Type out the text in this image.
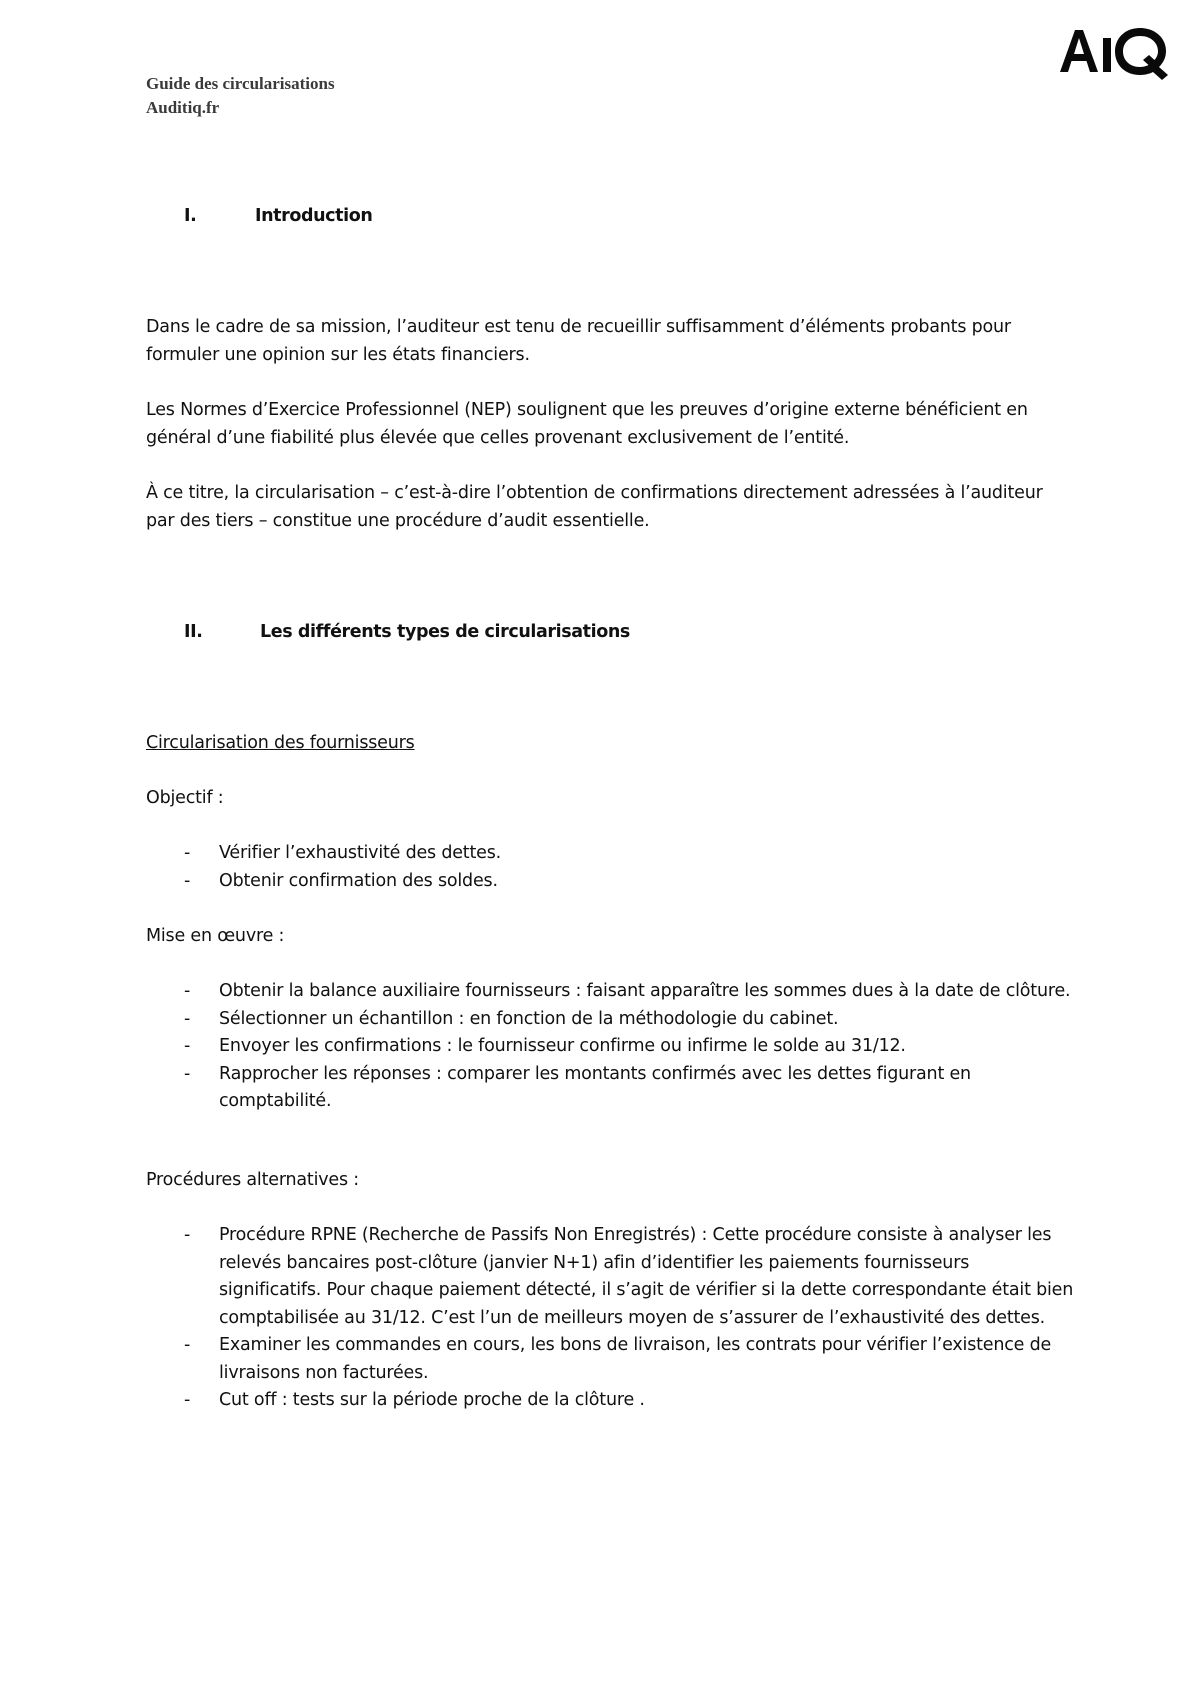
Guide des circularisations
Auditiq.fr
I.	Introduction
Dans le cadre de sa mission, l’auditeur est tenu de recueillir suffisamment d’éléments probants pour formuler une opinion sur les états financiers.
Les Normes d’Exercice Professionnel (NEP) soulignent que les preuves d’origine externe bénéficient en général d’une fiabilité plus élevée que celles provenant exclusivement de l’entité.
À ce titre, la circularisation – c’est-à-dire l’obtention de confirmations directement adressées à l’auditeur par des tiers – constitue une procédure d’audit essentielle.
II.	Les différents types de circularisations
Circularisation des fournisseurs
Objectif :
- Vérifier l’exhaustivité des dettes.
- Obtenir confirmation des soldes.
Mise en œuvre :
- Obtenir la balance auxiliaire fournisseurs : faisant apparaître les sommes dues à la date de clôture.
- Sélectionner un échantillon : en fonction de la méthodologie du cabinet.
- Envoyer les confirmations : le fournisseur confirme ou infirme le solde au 31/12.
- Rapprocher les réponses : comparer les montants confirmés avec les dettes figurant en comptabilité.
Procédures alternatives :
- Procédure RPNE (Recherche de Passifs Non Enregistrés) : Cette procédure consiste à analyser les relevés bancaires post-clôture (janvier N+1) afin d’identifier les paiements fournisseurs significatifs. Pour chaque paiement détecté, il s’agit de vérifier si la dette correspondante était bien comptabilisée au 31/12. C’est l’un de meilleurs moyen de s’assurer de l’exhaustivité des dettes.
- Examiner les commandes en cours, les bons de livraison, les contrats pour vérifier l’existence de livraisons non facturées.
- Cut off : tests sur la période proche de la clôture .
